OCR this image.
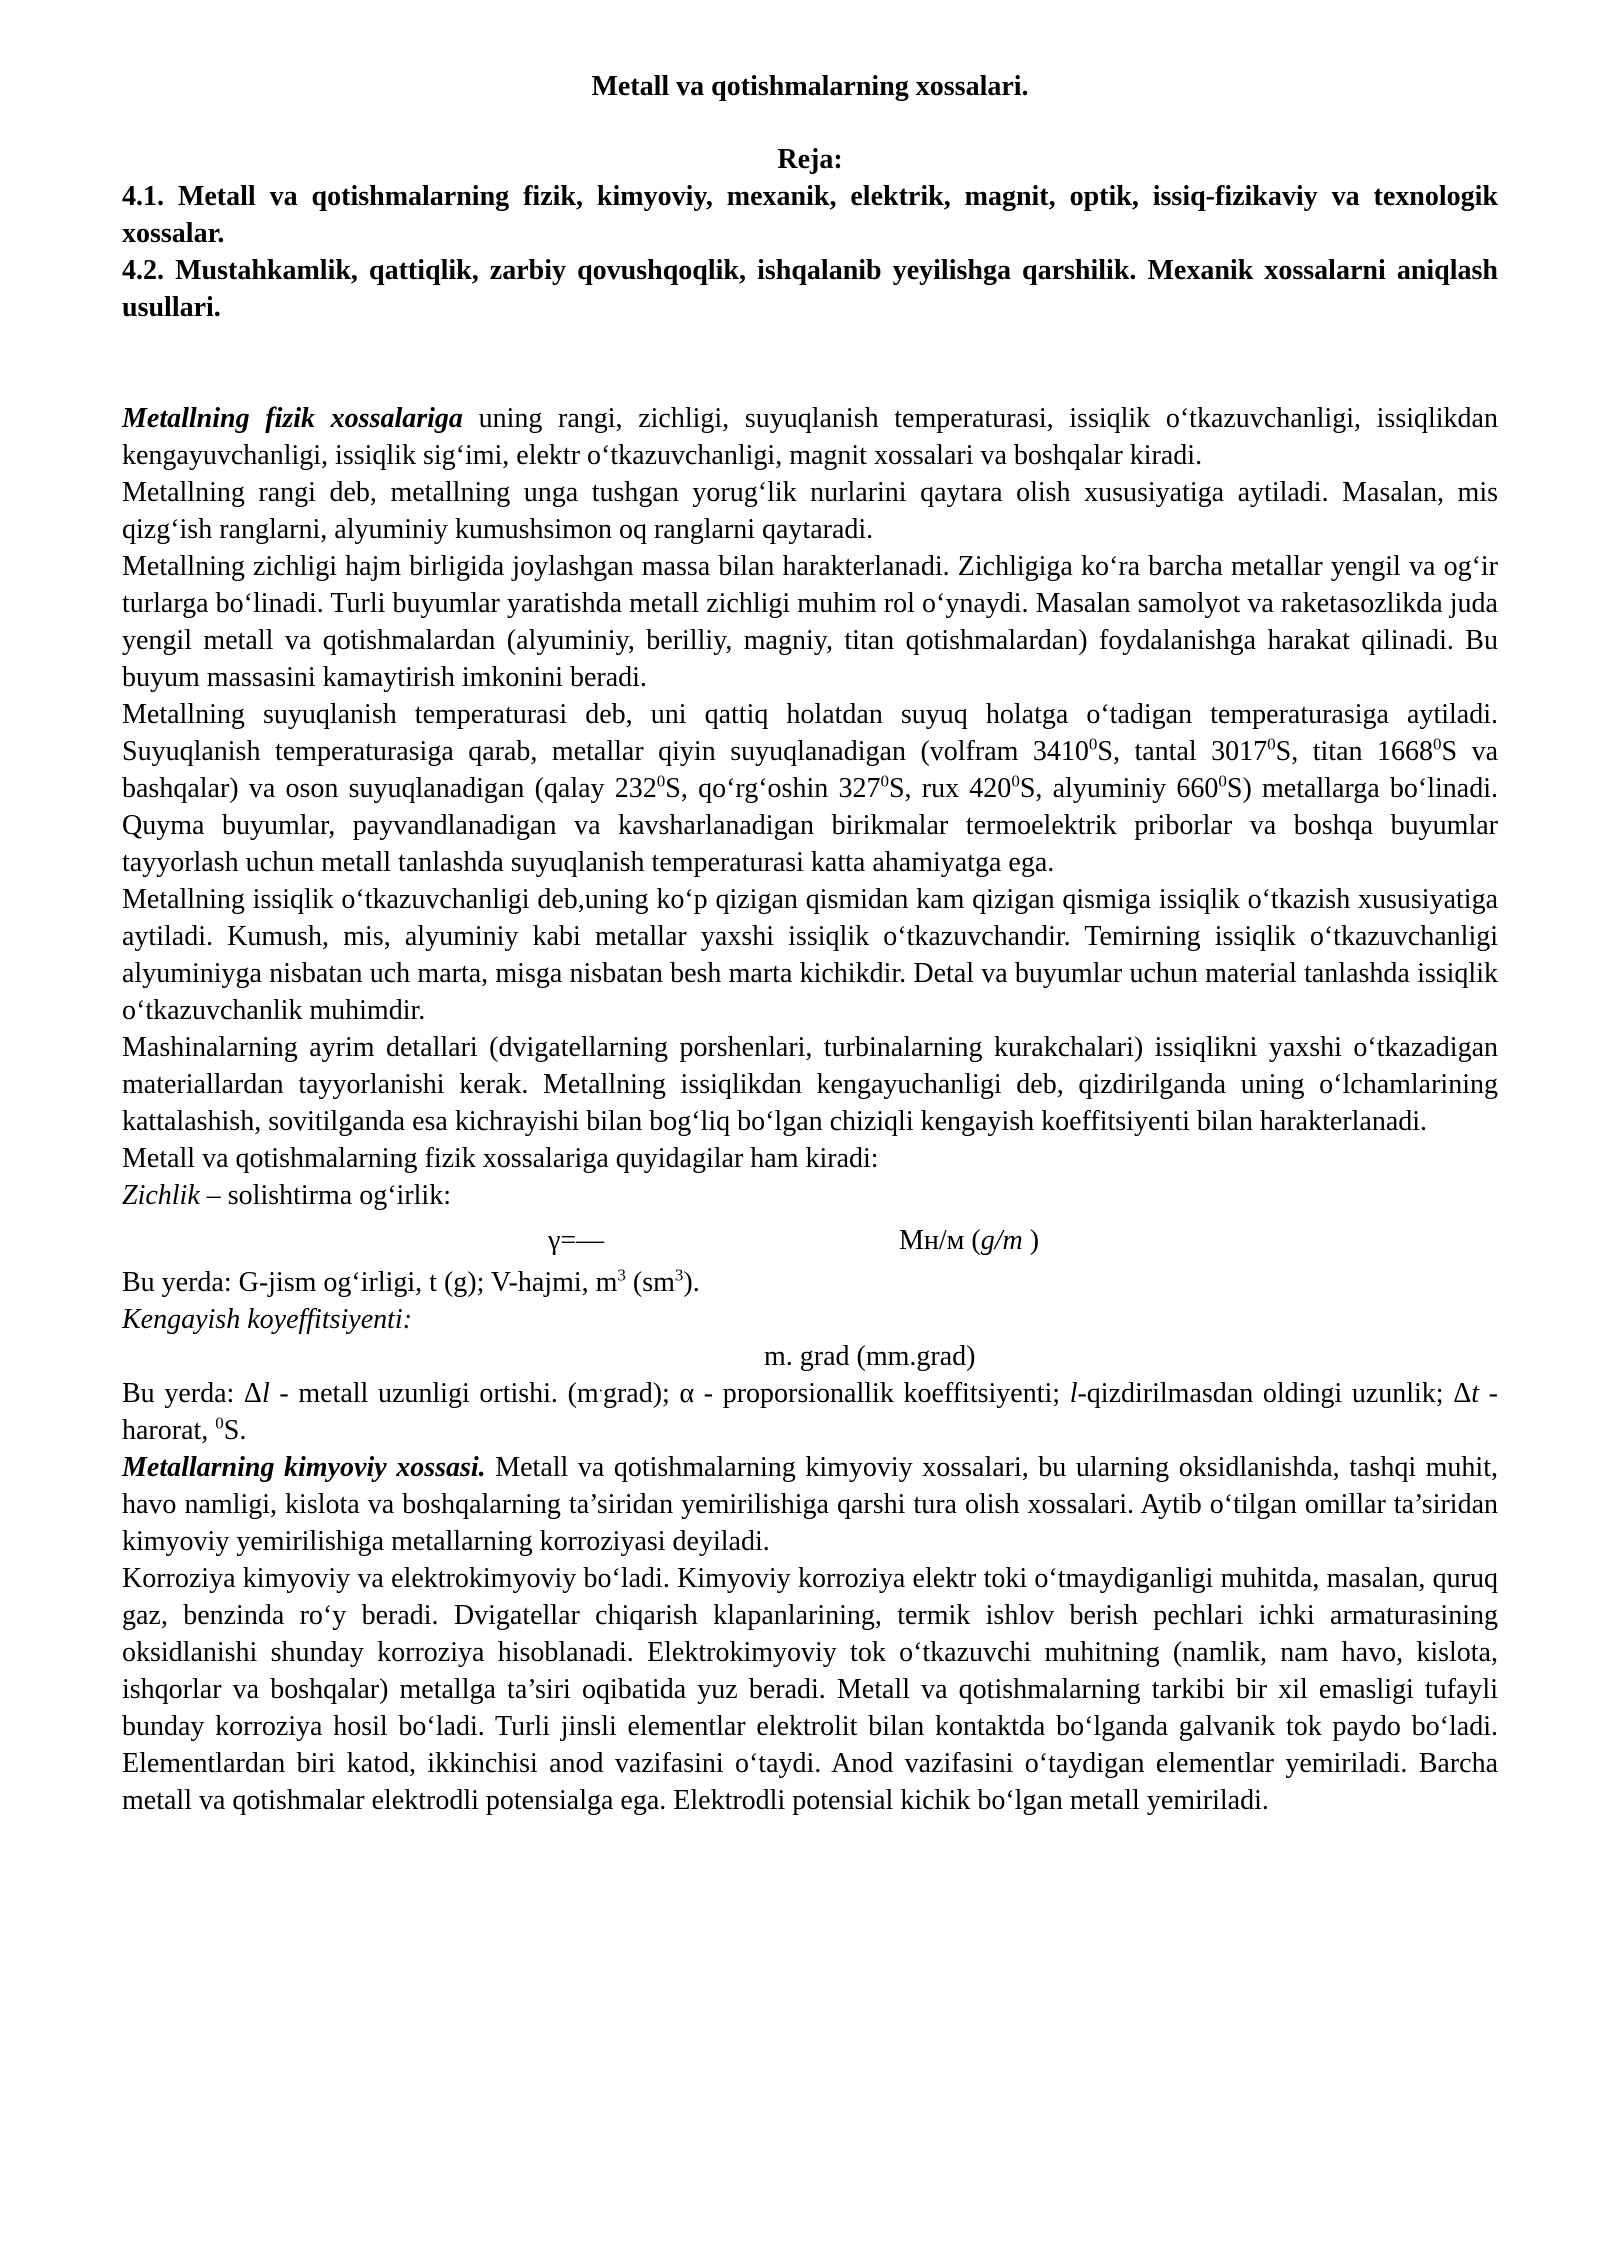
Metall va qotishmalarning xossalari.

Reja:

4.1. Metall va qotishmalarning fizik, kimyoviy, mexanik, elektrik, magnit, optik, issiq-fizikaviy va texnologik xossalar.

4.2. Mustahkamlik, qattiqlik, zarbiy qovushqoqlik, ishqalanib yeyilishga qarshilik. Mexanik xossalarni aniqlash usullari.

Metallning fizik xossalariga uning rangi, zichligi, suyuqlanish temperaturasi, issiqlik o‘tkazuvchanligi, issiqlikdan kengayuvchanligi, issiqlik sig‘imi, elektr o‘tkazuvchanligi, magnit xossalari va boshqalar kiradi.

Metallning rangi deb, metallning unga tushgan yorug‘lik nurlarini qaytara olish xususiyatiga aytiladi. Masalan, mis qizg‘ish ranglarni, alyuminiy kumushsimon oq ranglarni qaytaradi.

Metallning zichligi hajm birligida joylashgan massa bilan harakterlanadi. Zichligiga ko‘ra barcha metallar yengil va og‘ir turlarga bo‘linadi. Turli buyumlar yaratishda metall zichligi muhim rol o‘ynaydi. Masalan samolyot va raketasozlikda juda yengil metall va qotishmalardan (alyuminiy, berilliy, magniy, titan qotishmalardan) foydalanishga harakat qilinadi. Bu buyum massasini kamaytirish imkonini beradi.

Metallning suyuqlanish temperaturasi deb, uni qattiq holatdan suyuq holatga o‘tadigan temperaturasiga aytiladi. Suyuqlanish temperaturasiga qarab, metallar qiyin suyuqlanadigan (volfram 3410$^0$S, tantal 3017$^0$S, titan 1668$^0$S va bashqalar) va oson suyuqlanadigan (qalay $232^0S$, qo‘rg‘oshin $327^0S$, rux $420^0S$, alyuminiy $660^0S$) metallarga bo‘linadi. Quyma buyumlar, payvandlanadigan va kavsharlanadigan birikmalar termoelektrik priborlar va boshqa buyumlar tayyorlash uchun metall tanlashda suyuqlanish temperaturasi katta ahamiyatga ega.

Metallning issiqlik o‘tkazuvchanligi deb,uning ko‘p qizigan qismidan kam qizigan qismiga issiqlik o‘tkazish xususiyatiga aytiladi. Kumush, mis, alyuminiy kabi metallar yaxshi issiqlik o‘tkazuvchandir. Temirning issiqlik o‘tkazuvchanligi alyuminiyga nisbatan uch marta, misga nisbatan besh marta kichikdir. Detal va buyumlar uchun material tanlashda issiqlik o‘tkazuvchanlik muhimdir.

Mashinalarning ayrim detallari (dvigatellarning porshenlari, turbinalarning kurakchalari) issiqlikni yaxshi o‘tkazadigan materiallardan tayyorlanishi kerak. Metallning issiqlikdan kengayuchanligi deb, qizdirilganda uning o‘lchamlarining kattalashish, sovitilganda esa kichrayishi bilan bog‘liq bo‘lgan chiziqli kengayish koeffitsiyenti bilan harakterlanadi.

Metall va qotishmalarning fizik xossalariga quyidagilar ham kiradi:

Zichlik – solishtirma og‘irlik:

γ=—	Мн/м (g/m )

Bu yerda: G-jism og‘irligi, t (g); V-hajmi, $m^3$ $(sm^3)$.

Kengayish koyeffitsiyenti:

m. grad (mm.grad)

Bu yerda: Δl - metall uzunligi ortishi. (m.grad); α - proporsionallik koeffitsiyenti; l-qizdirilmasdan oldingi uzunlik; Δt - harorat, $^0$S.

Metallarning kimyoviy xossasi. Metall va qotishmalarning kimyoviy xossalari, bu ularning oksidlanishda, tashqi muhit, havo namligi, kislota va boshqalarning ta’siridan yemirilishiga qarshi tura olish xossalari. Aytib o‘tilgan omillar ta’siridan kimyoviy yemirilishiga metallarning korroziyasi deyiladi.

Korroziya kimyoviy va elektrokimyoviy bo‘ladi. Kimyoviy korroziya elektr toki o‘tmaydiganligi muhitda, masalan, quruq gaz, benzinda ro‘y beradi. Dvigatellar chiqarish klapanlarining, termik ishlov berish pechlari ichki armaturasining oksidlanishi shunday korroziya hisoblanadi. Elektrokimyoviy tok o‘tkazuvchi muhitning (namlik, nam havo, kislota, ishqorlar va boshqalar) metallga ta’siri oqibatida yuz beradi. Metall va qotishmalarning tarkibi bir xil emasligi tufayli bunday korroziya hosil bo‘ladi. Turli jinsli elementlar elektrolit bilan kontaktda bo‘lganda galvanik tok paydo bo‘ladi. Elementlardan biri katod, ikkinchisi anod vazifasini o‘taydi. Anod vazifasini o‘taydigan elementlar yemiriladi. Barcha metall va qotishmalar elektrodli potensialga ega. Elektrodli potensial kichik bo‘lgan metall yemiriladi.
